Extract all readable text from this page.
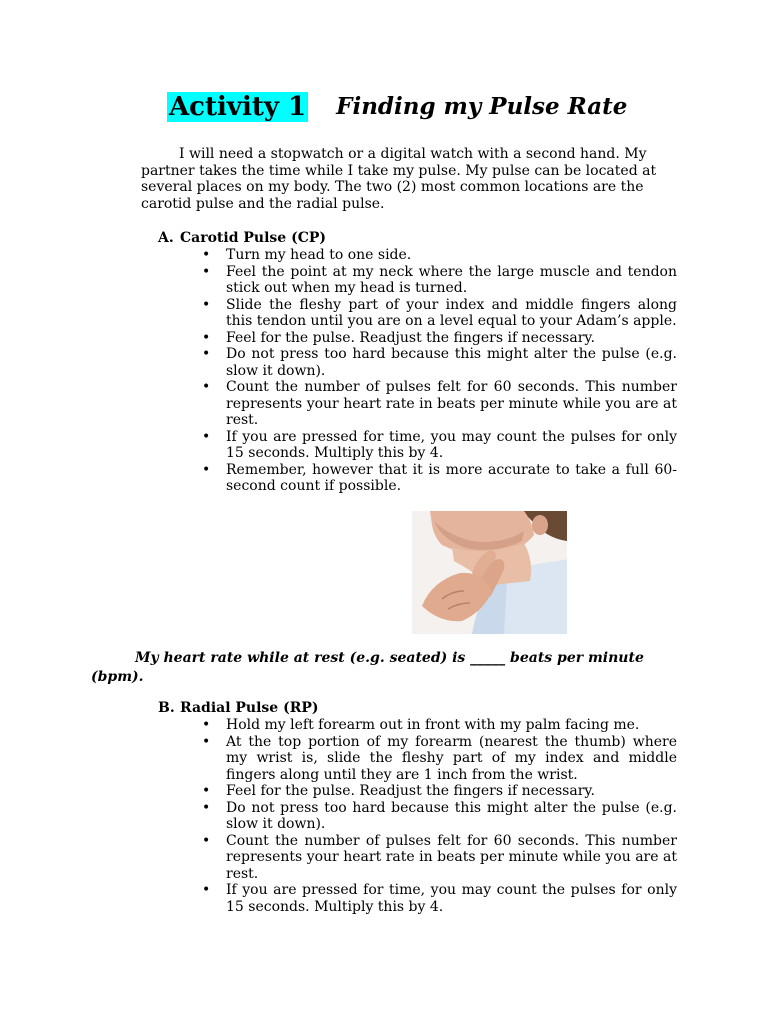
Activity 1 Finding my Pulse Rate

I will need a stopwatch or a digital watch with a second hand. My partner takes the time while I take my pulse. My pulse can be located at several places on my body. The two (2) most common locations are the carotid pulse and the radial pulse.

A. Carotid Pulse (CP)
• Turn my head to one side.
• Feel the point at my neck where the large muscle and tendon stick out when my head is turned.
• Slide the fleshy part of your index and middle fingers along this tendon until you are on a level equal to your Adam’s apple.
• Feel for the pulse. Readjust the fingers if necessary.
• Do not press too hard because this might alter the pulse (e.g. slow it down).
• Count the number of pulses felt for 60 seconds. This number represents your heart rate in beats per minute while you are at rest.
• If you are pressed for time, you may count the pulses for only 15 seconds. Multiply this by 4.
• Remember, however that it is more accurate to take a full 60-second count if possible.

My heart rate while at rest (e.g. seated) is _____ beats per minute
(bpm).

B. Radial Pulse (RP)
• Hold my left forearm out in front with my palm facing me.
• At the top portion of my forearm (nearest the thumb) where my wrist is, slide the fleshy part of my index and middle fingers along until they are 1 inch from the wrist.
• Feel for the pulse. Readjust the fingers if necessary.
• Do not press too hard because this might alter the pulse (e.g. slow it down).
• Count the number of pulses felt for 60 seconds. This number represents your heart rate in beats per minute while you are at rest.
• If you are pressed for time, you may count the pulses for only 15 seconds. Multiply this by 4.
